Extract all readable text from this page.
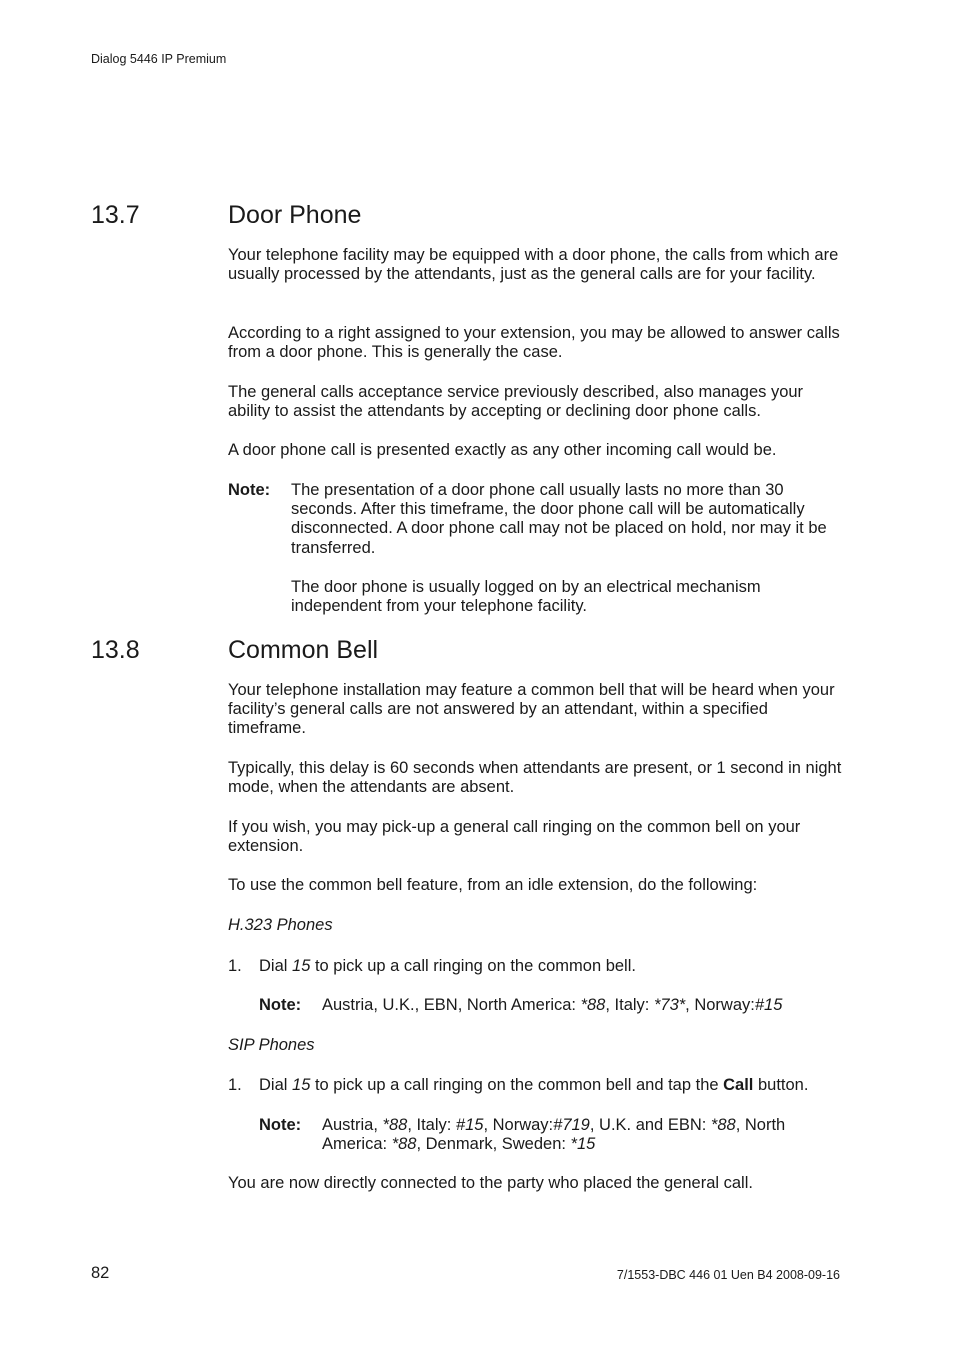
Dialog 5446 IP Premium
13.7	Door Phone

Your telephone facility may be equipped with a door phone, the calls from which are usually processed by the attendants, just as the general calls are for your facility.

According to a right assigned to your extension, you may be allowed to answer calls from a door phone. This is generally the case.

The general calls acceptance service previously described, also manages your ability to assist the attendants by accepting or declining door phone calls.

A door phone call is presented exactly as any other incoming call would be.

Note: The presentation of a door phone call usually lasts no more than 30 seconds. After this timeframe, the door phone call will be automatically disconnected. A door phone call may not be placed on hold, nor may it be transferred.

The door phone is usually logged on by an electrical mechanism independent from your telephone facility.

13.8	Common Bell

Your telephone installation may feature a common bell that will be heard when your facility’s general calls are not answered by an attendant, within a specified timeframe.

Typically, this delay is 60 seconds when attendants are present, or 1 second in night mode, when the attendants are absent.

If you wish, you may pick-up a general call ringing on the common bell on your extension.

To use the common bell feature, from an idle extension, do the following:

H.323 Phones
1. Dial 15 to pick up a call ringing on the common bell.

Note: Austria, U.K., EBN, North America: *88, Italy: *73*, Norway:#15

SIP Phones
1. Dial 15 to pick up a call ringing on the common bell and tap the Call button.

Note: Austria, *88, Italy: #15, Norway:#719, U.K. and EBN: *88, North America: *88, Denmark, Sweden: *15

You are now directly connected to the party who placed the general call.

82	7/1553-DBC 446 01 Uen B4 2008-09-16
